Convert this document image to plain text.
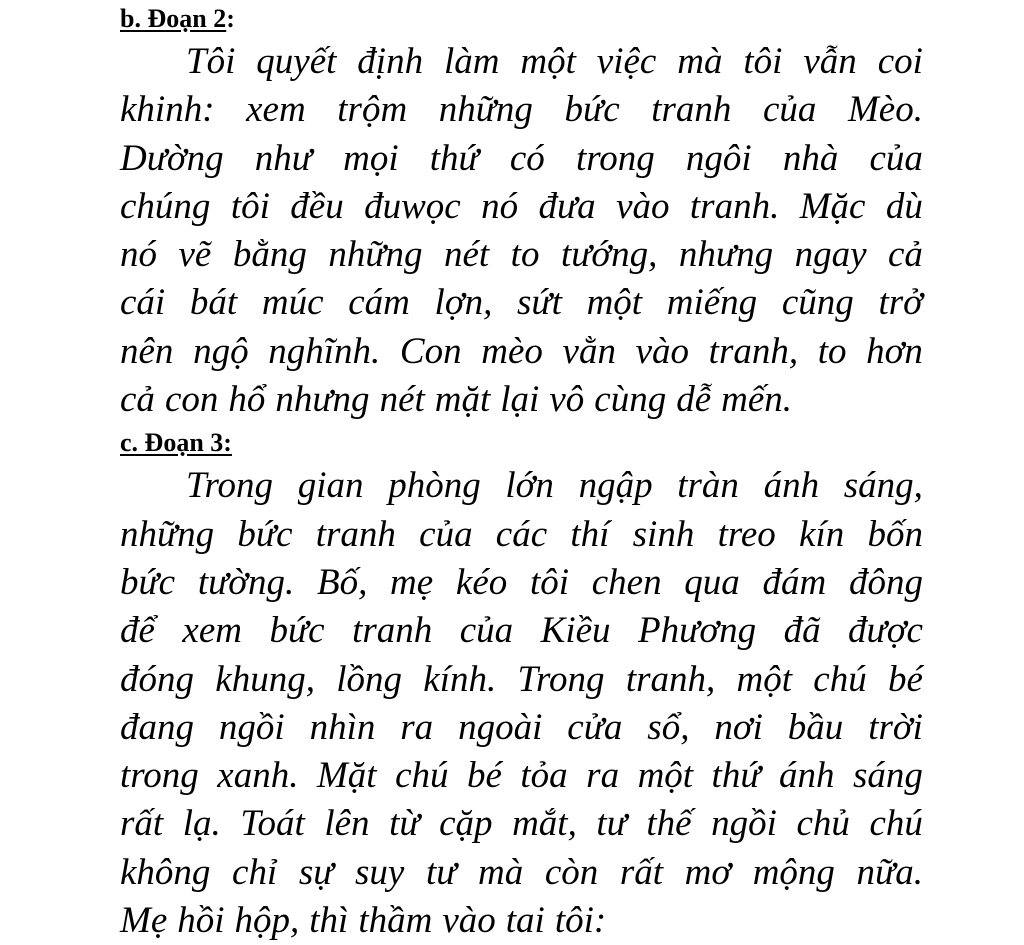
b. Đoạn 2:
Tôi quyết định làm một việc mà tôi vẫn coi
khinh: xem trộm những bức tranh của Mèo.
Dường như mọi thứ có trong ngôi nhà của
chúng tôi đều đuwọc nó đưa vào tranh. Mặc dù
nó vẽ bằng những nét to tướng, nhưng ngay cả
cái bát múc cám lợn, sứt một miếng cũng trở
nên ngộ nghĩnh. Con mèo vằn vào tranh, to hơn
cả con hổ nhưng nét mặt lại vô cùng dễ mến.
c. Đoạn 3:
Trong gian phòng lớn ngập tràn ánh sáng,
những bức tranh của các thí sinh treo kín bốn
bức tường. Bố, mẹ kéo tôi chen qua đám đông
để xem bức tranh của Kiều Phương đã được
đóng khung, lồng kính. Trong tranh, một chú bé
đang ngồi nhìn ra ngoài cửa sổ, nơi bầu trời
trong xanh. Mặt chú bé tỏa ra một thứ ánh sáng
rất lạ. Toát lên từ cặp mắt, tư thế ngồi chủ chú
không chỉ sự suy tư mà còn rất mơ mộng nữa.
Mẹ hồi hộp, thì thầm vào tai tôi:
